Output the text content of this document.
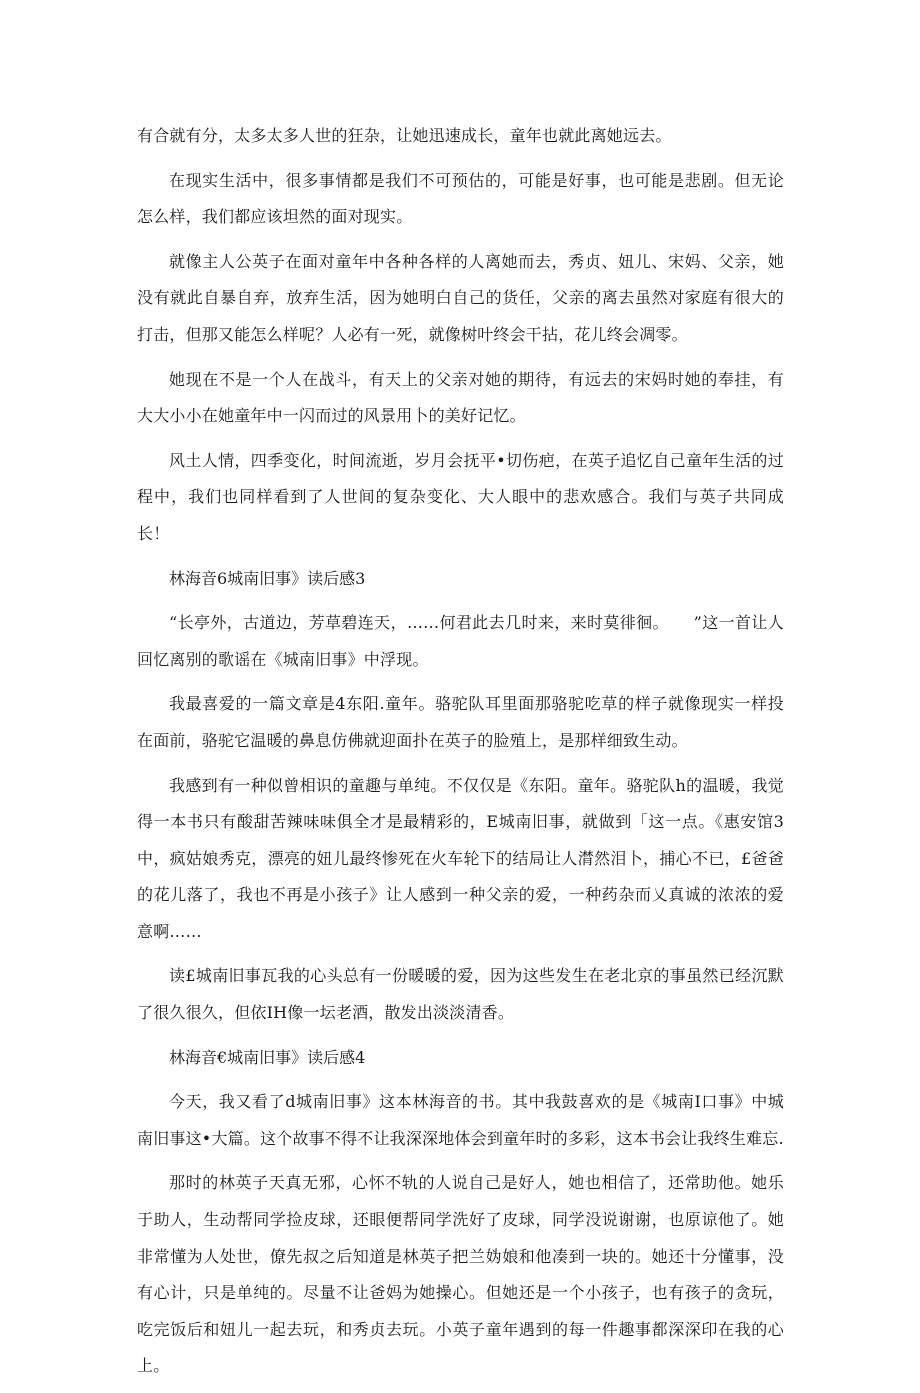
有合就有分，太多太多人世的狂杂，让她迅速成长，童年也就此离她远去。

在现实生活中，很多事情都是我们不可预估的，可能是好事，也可能是悲剧。但无论怎么样，我们都应该坦然的面对现实。

就像主人公英子在面对童年中各种各样的人离她而去，秀贞、妞儿、宋妈、父亲，她没有就此自暴自弃，放弃生活，因为她明白自己的货任，父亲的离去虽然对家庭有很大的打击，但那又能怎么样呢？人必有一死，就像树叶终会干拈，花儿终会凋零。

她现在不是一个人在战斗，有天上的父亲对她的期待，有远去的宋妈时她的奉挂，有大大小小在她童年中一闪而过的风景用卜的美好记忆。

风土人情，四季变化，时间流逝，岁月会抚平•切伤疤，在英子追忆自己童年生活的过程中，我们也同样看到了人世间的复杂变化、大人眼中的悲欢感合。我们与英子共同成长！

林海音6城南旧事》读后感3

“长亭外，古道边，芳草碧连天，……何君此去几时来，来时莫徘徊。　　”这一首让人回忆离别的歌谣在《城南旧事》中浮现。

我最喜爱的一篇文章是4东阳.童年。骆驼队耳里面那骆驼吃草的样子就像现实一样投在面前，骆驼它温暖的鼻息仿佛就迎面扑在英子的脸殖上，是那样细致生动。

我感到有一种似曾相识的童趣与单纯。不仅仅是《东阳。童年。骆驼队h的温暖，我觉得一本书只有酸甜苦辣味味俱全才是最精彩的，E城南旧事，就做到「这一点。《惠安馆3中，疯姑娘秀克，漂亮的妞儿最终惨死在火车轮下的结局让人潸然泪卜，捕心不已，£爸爸的花儿落了，我也不再是小孩子》让人感到一种父亲的爱，一种药杂而乂真诚的浓浓的爱意啊……

读£城南旧事瓦我的心头总有一份暖暖的爱，因为这些发生在老北京的事虽然已经沉默了很久很久，但依IH像一坛老酒，散发出淡淡清香。

林海音€城南旧事》读后感4

今天，我又看了d城南旧事》这本林海音的书。其中我鼓喜欢的是《城南I口事》中城南旧事这•大篇。这个故事不得不让我深深地体会到童年时的多彩，这本书会让我终生难忘.

那时的林英子天真无邪，心怀不轨的人说自己是好人，她也相信了，还常助他。她乐于助人，生动帮同学捡皮球，还眼便帮同学洗好了皮球，同学没说谢谢，也原谅他了。她非常懂为人处世，僚先叔之后知道是林英子把兰妫娘和他凑到一块的。她还十分懂事，没有心计，只是单纯的。尽量不让爸妈为她操心。但她还是一个小孩子，也有孩子的贪玩，吃完饭后和妞儿一起去玩，和秀贞去玩。小英子童年遇到的每一件趣事都深深印在我的心上。
